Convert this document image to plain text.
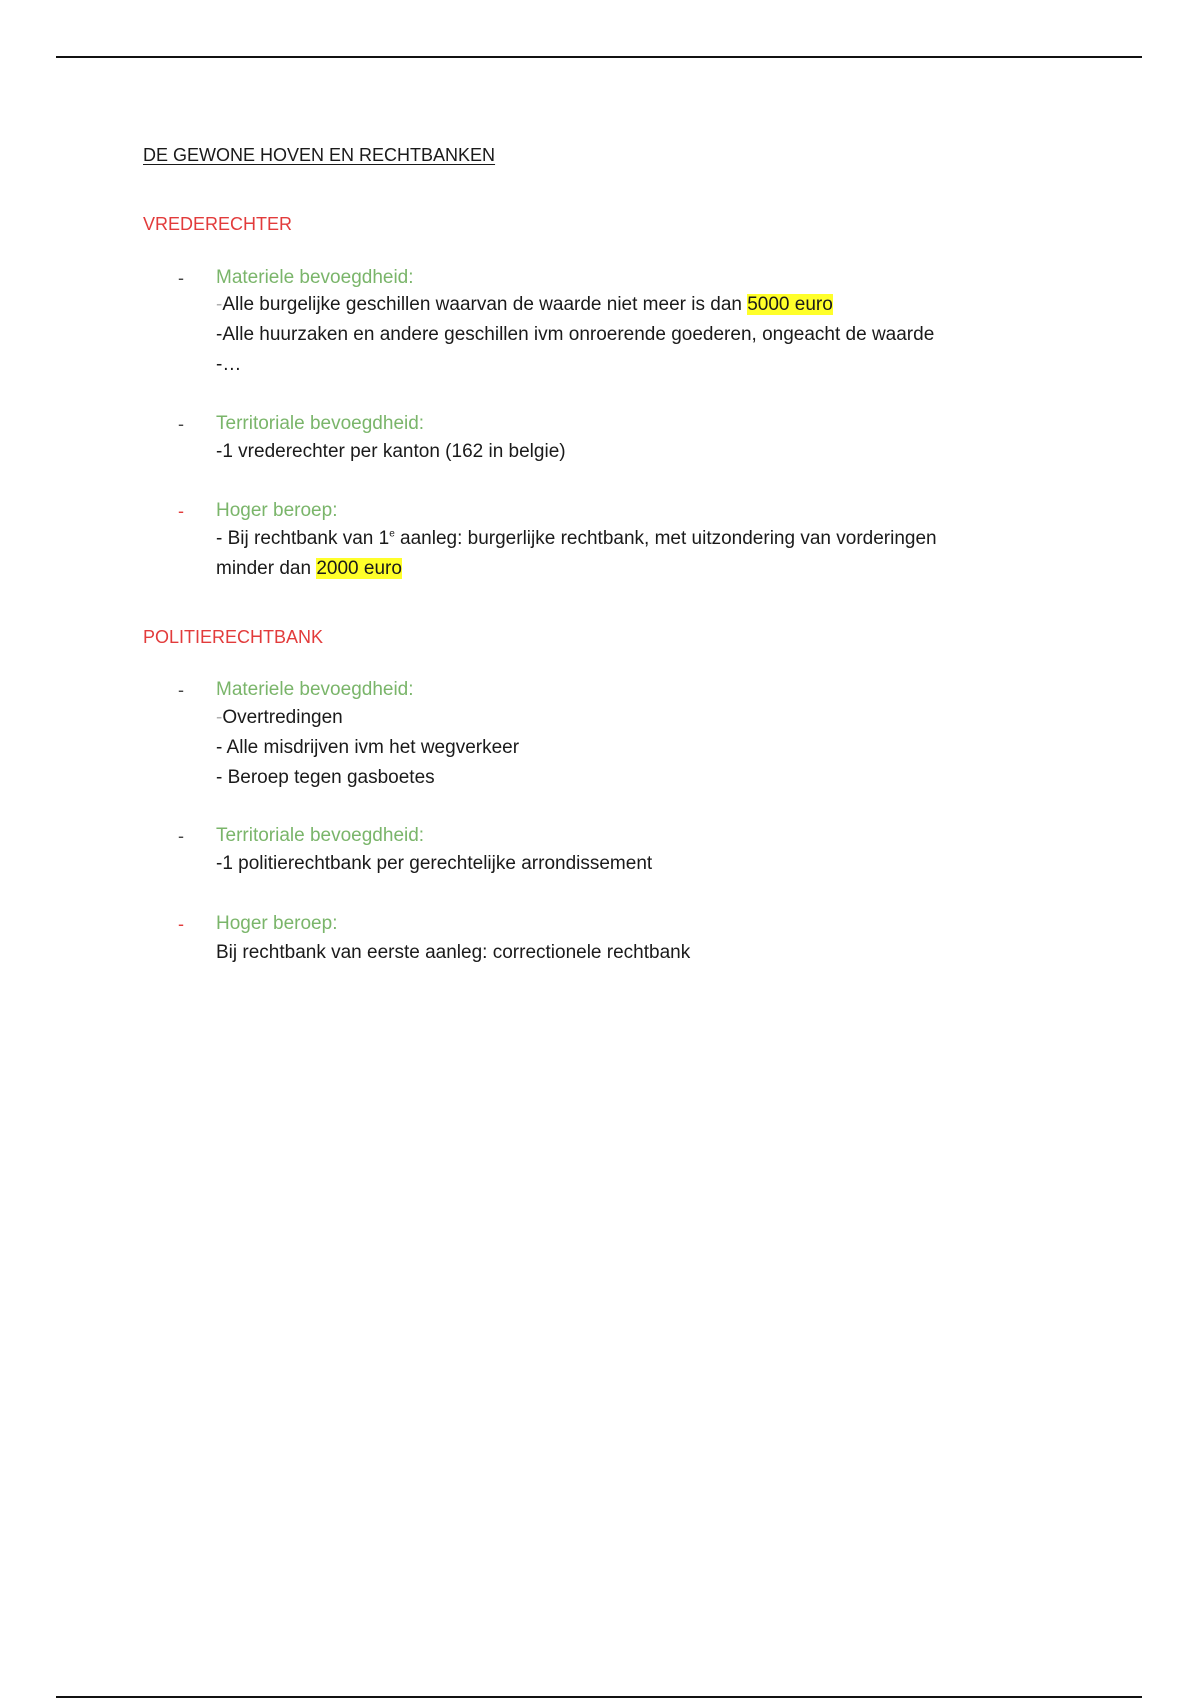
DE GEWONE HOVEN EN RECHTBANKEN
VREDERECHTER
- Materiele bevoegdheid:
-Alle burgelijke geschillen waarvan de waarde niet meer is dan 5000 euro
-Alle huurzaken en andere geschillen ivm onroerende goederen, ongeacht de waarde
-…
- Territoriale bevoegdheid:
-1 vrederechter per kanton (162 in belgie)
- Hoger beroep:
- Bij rechtbank van 1e aanleg: burgerlijke rechtbank, met uitzondering van vorderingen
minder dan 2000 euro
POLITIERECHTBANK
- Materiele bevoegdheid:
-Overtredingen
- Alle misdrijven ivm het wegverkeer
- Beroep tegen gasboetes
- Territoriale bevoegdheid:
-1 politierechtbank per gerechtelijke arrondissement
- Hoger beroep:
Bij rechtbank van eerste aanleg: correctionele rechtbank
